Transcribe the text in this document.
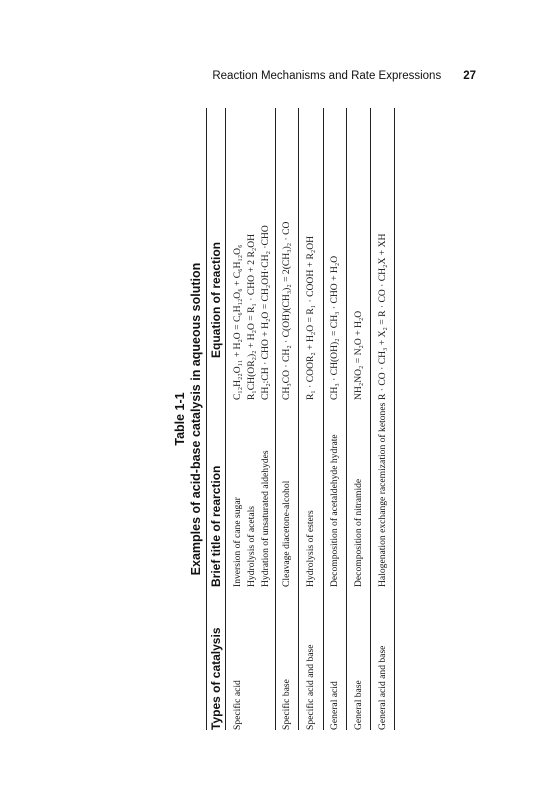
Reaction Mechanisms and Rate Expressions 27
Table 1-1 Examples of acid-base catalysis in aqueous solution
Types of catalysis
Brief title of rearction
Equation of reaction
Specific acid
Inversion of cane sugar Hydrolysis of acetals Hydration of unsaturated aldehydes
C₁₂H₂₂O₁₁ + H₂O = C₆H₁₂O₆ + C₆H₁₂O₆ R₁CH(OR₂)₂ + H₂O = R₁ · CHO + 2 R₂OH CH₂:CH · CHO + H₂O = CH₂OH·CH₂ ·CHO
Specific base
Cleavage diacetone-alcohol
CH₃CO · CH₂ · C(OH)(CH₃)₂ = 2(CH₃)₂ · CO
Specific acid and base
Hydrolysis of esters
R₁ · COOR₂ + H₂O = R₁ · COOH + R₂OH
General acid
Decomposition of acetaldehyde hydrate
CH₃ · CH(OH)₂ = CH₃ · CHO + H₂O
General base
Decomposition of nitramide
NH₂NO₂ = N₂O + H₂O
General acid and base
Halogenation exchange racemization of ketones
R · CO · CH₃ + X₂ = R · CO · CH₂X + XH
